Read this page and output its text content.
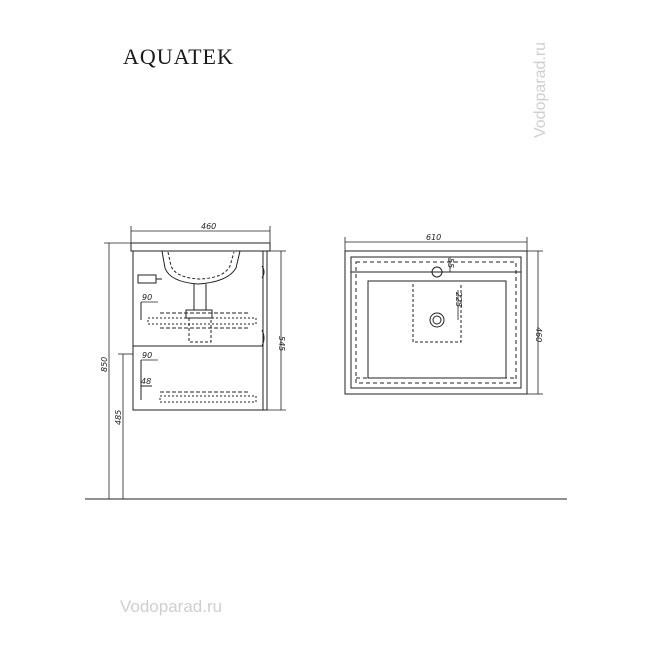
AQUATEK	Vodoparad.ru
Vodoparad.ru
460
90
90
48
610
850
485
545
460
55
225
